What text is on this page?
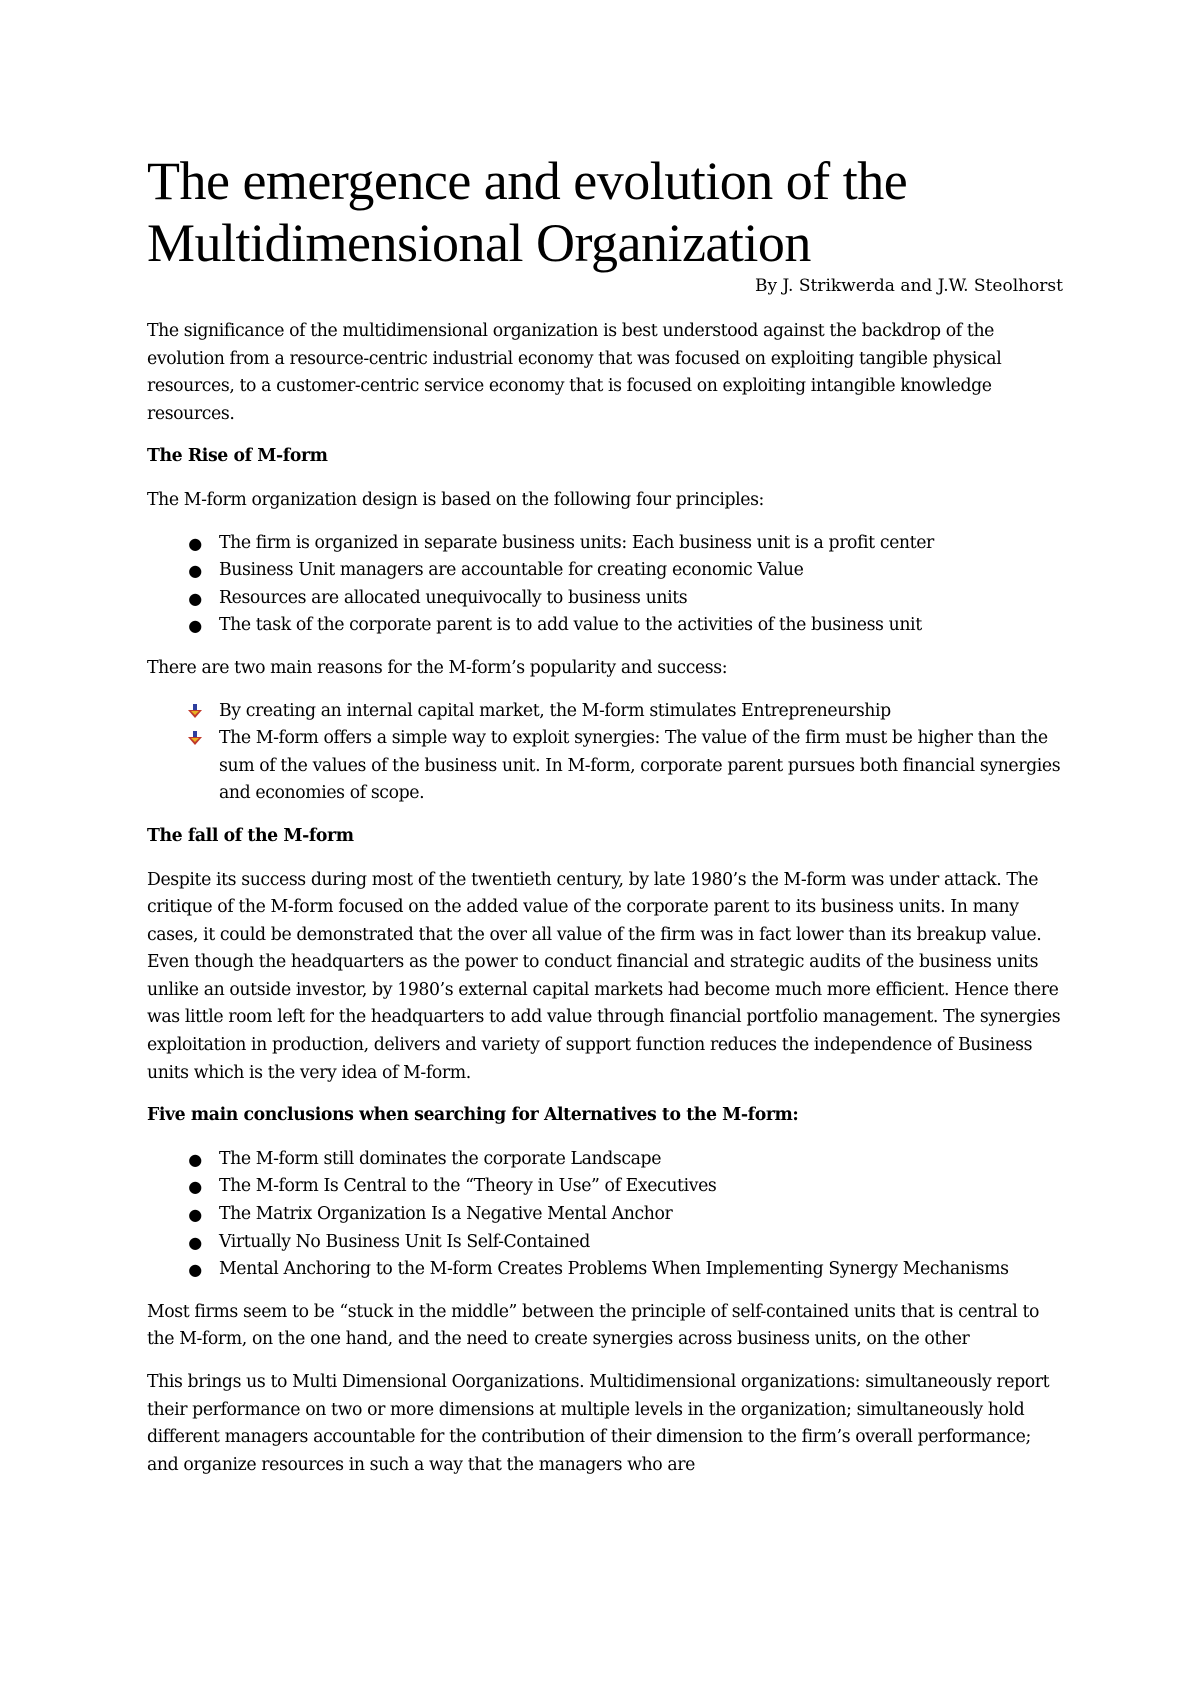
The emergence and evolution of the
Multidimensional Organization

By J. Strikwerda and J.W. Steolhorst

The significance of the multidimensional organization is best understood against the backdrop of the evolution from a resource-centric industrial economy that was focused on exploiting tangible physical resources, to a customer-centric service economy that is focused on exploiting intangible knowledge resources.

The Rise of M-form

The M-form organization design is based on the following four principles:

● The firm is organized in separate business units: Each business unit is a profit center
● Business Unit managers are accountable for creating economic Value
● Resources are allocated unequivocally to business units
● The task of the corporate parent is to add value to the activities of the business unit

There are two main reasons for the M-form’s popularity and success:

By creating an internal capital market, the M-form stimulates Entrepreneurship
The M-form offers a simple way to exploit synergies: The value of the firm must be higher than the sum of the values of the business unit. In M-form, corporate parent pursues both financial synergies and economies of scope.
The fall of the M-form

Despite its success during most of the twentieth century, by late 1980’s the M-form was under attack. The critique of the M-form focused on the added value of the corporate parent to its business units. In many cases, it could be demonstrated that the over all value of the firm was in fact lower than its breakup value. Even though the headquarters as the power to conduct financial and strategic audits of the business units unlike an outside investor, by 1980’s external capital markets had become much more efficient. Hence there was little room left for the headquarters to add value through financial portfolio management. The synergies exploitation in production, delivers and variety of support function reduces the independence of Business units which is the very idea of M-form.

Five main conclusions when searching for Alternatives to the M-form:
● The M-form still dominates the corporate Landscape
● The M-form Is Central to the “Theory in Use” of Executives
● The Matrix Organization Is a Negative Mental Anchor
● Virtually No Business Unit Is Self-Contained
● Mental Anchoring to the M-form Creates Problems When Implementing Synergy Mechanisms

Most firms seem to be “stuck in the middle” between the principle of self-contained units that is central to the M-form, on the one hand, and the need to create synergies across business units, on the other

This brings us to Multi Dimensional Oorganizations. Multidimensional organizations: simultaneously report their performance on two or more dimensions at multiple levels in the organization; simultaneously hold different managers accountable for the contribution of their dimension to the firm’s overall performance; and organize resources in such a way that the managers who are
